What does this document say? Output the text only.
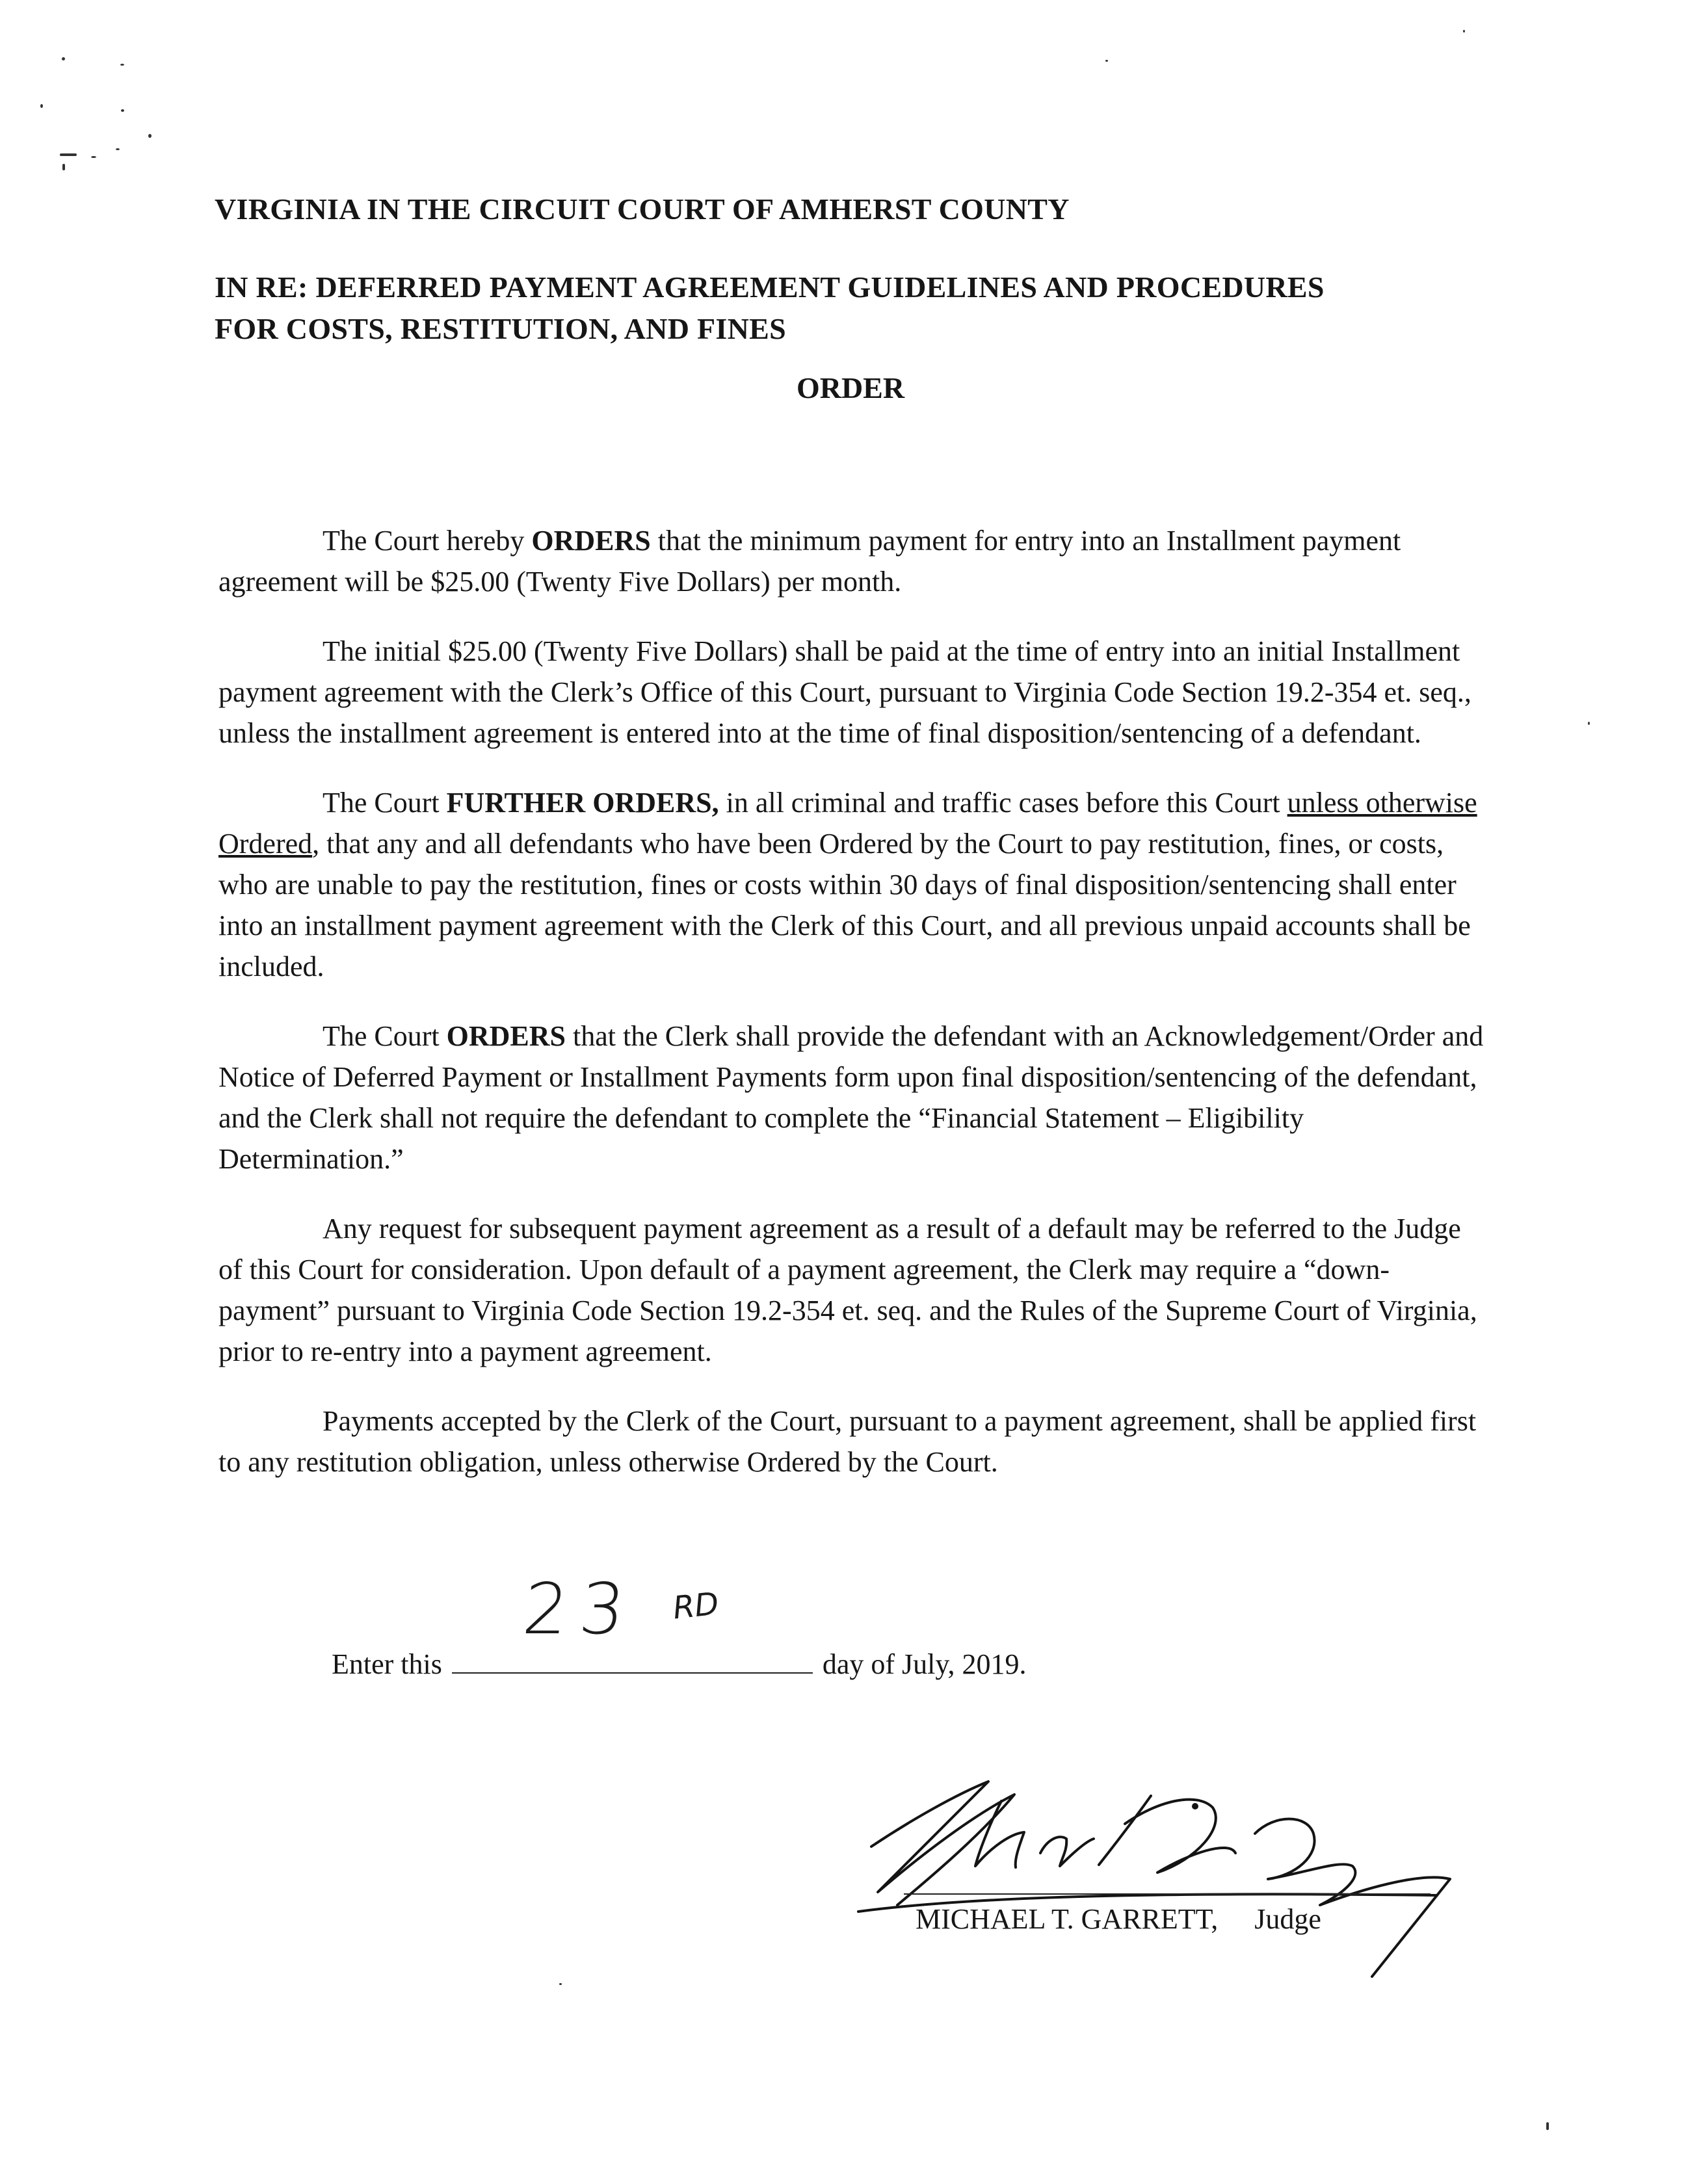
VIRGINIA IN THE CIRCUIT COURT OF AMHERST COUNTY
IN RE: DEFERRED PAYMENT AGREEMENT GUIDELINES AND PROCEDURES
FOR COSTS, RESTITUTION, AND FINES
ORDER

The Court hereby ORDERS that the minimum payment for entry into an Installment payment agreement will be $25.00 (Twenty Five Dollars) per month.

The initial $25.00 (Twenty Five Dollars) shall be paid at the time of entry into an initial Installment payment agreement with the Clerk’s Office of this Court, pursuant to Virginia Code Section 19.2-354 et. seq., unless the installment agreement is entered into at the time of final disposition/sentencing of a defendant.

The Court FURTHER ORDERS, in all criminal and traffic cases before this Court unless otherwise Ordered, that any and all defendants who have been Ordered by the Court to pay restitution, fines, or costs, who are unable to pay the restitution, fines or costs within 30 days of final disposition/sentencing shall enter into an installment payment agreement with the Clerk of this Court, and all previous unpaid accounts shall be included.

The Court ORDERS that the Clerk shall provide the defendant with an Acknowledgement/Order and Notice of Deferred Payment or Installment Payments form upon final disposition/sentencing of the defendant, and the Clerk shall not require the defendant to complete the “Financial Statement – Eligibility Determination.”

Any request for subsequent payment agreement as a result of a default may be referred to the Judge of this Court for consideration. Upon default of a payment agreement, the Clerk may require a “down-payment” pursuant to Virginia Code Section 19.2-354 et. seq. and the Rules of the Supreme Court of Virginia, prior to re-entry into a payment agreement.

Payments accepted by the Clerk of the Court, pursuant to a payment agreement, shall be applied first to any restitution obligation, unless otherwise Ordered by the Court.

Enter this
23 RD
day of July, 2019.
MICHAEL T. GARRETT, Judge
